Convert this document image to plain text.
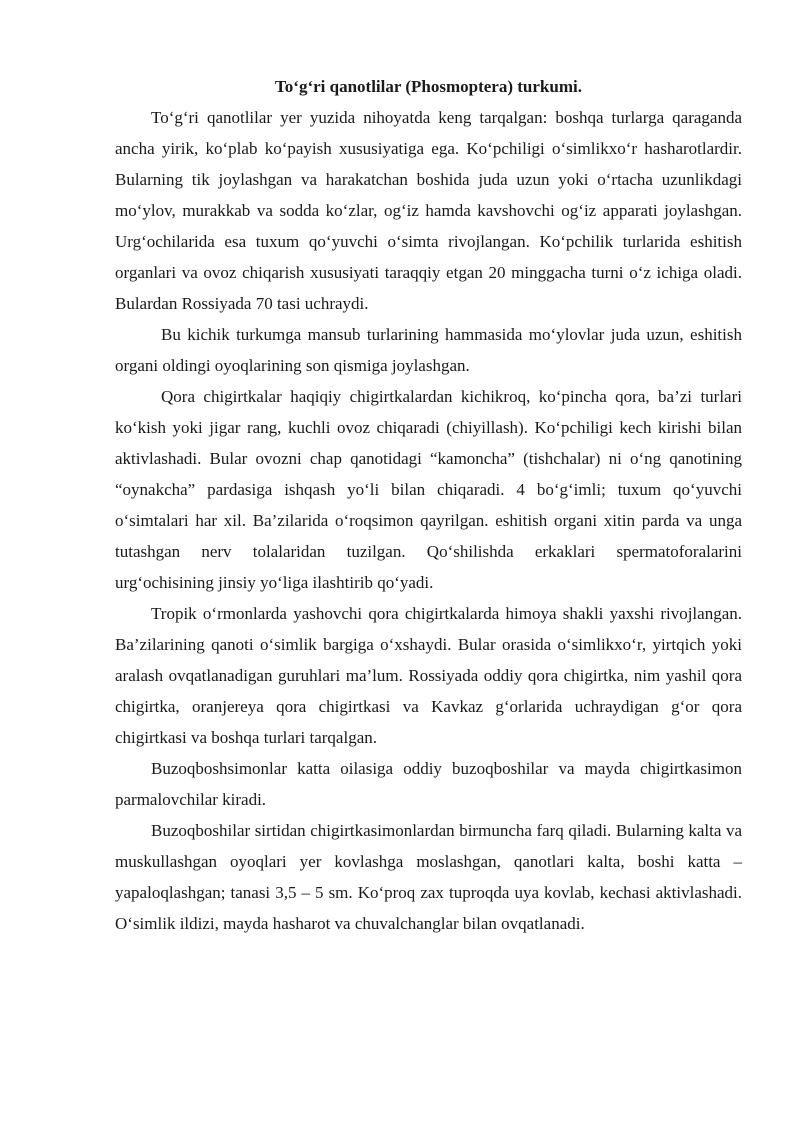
To‘g‘ri qanotlilar (Phosmoptera) turkumi.

To‘g‘ri qanotlilar yer yuzida nihoyatda keng tarqalgan: boshqa turlarga qaraganda ancha yirik, ko‘plab ko‘payish xususiyatiga ega. Ko‘pchiligi o‘simlikxo‘r hasharotlardir. Bularning tik joylashgan va harakatchan boshida juda uzun yoki o‘rtacha uzunlikdagi mo‘ylov, murakkab va sodda ko‘zlar, og‘iz hamda kavshovchi og‘iz apparati joylashgan. Urg‘ochilarida esa tuxum qo‘yuvchi o‘simta rivojlangan. Ko‘pchilik turlarida eshitish organlari va ovoz chiqarish xususiyati taraqqiy etgan 20 minggacha turni o‘z ichiga oladi. Bulardan Rossiyada 70 tasi uchraydi.

Bu kichik turkumga mansub turlarining hammasida mo‘ylovlar juda uzun, eshitish organi oldingi oyoqlarining son qismiga joylashgan.

Qora chigirtkalar haqiqiy chigirtkalardan kichikroq, ko‘pincha qora, ba’zi turlari ko‘kish yoki jigar rang, kuchli ovoz chiqaradi (chiyillash). Ko‘pchiligi kech kirishi bilan aktivlashadi. Bular ovozni chap qanotidagi “kamoncha” (tishchalar) ni o‘ng qanotining “oynakcha” pardasiga ishqash yo‘li bilan chiqaradi. 4 bo‘g‘imli; tuxum qo‘yuvchi o‘simtalari har xil. Ba’zilarida o‘roqsimon qayrilgan. eshitish organi xitin parda va unga tutashgan nerv tolalaridan tuzilgan. Qo‘shilishda erkaklari spermatoforalarini urg‘ochisining jinsiy yo‘liga ilashtirib qo‘yadi.

Tropik o‘rmonlarda yashovchi qora chigirtkalarda himoya shakli yaxshi rivojlangan. Ba’zilarining qanoti o‘simlik bargiga o‘xshaydi. Bular orasida o‘simlikxo‘r, yirtqich yoki aralash ovqatlanadigan guruhlari ma’lum. Rossiyada oddiy qora chigirtka, nim yashil qora chigirtka, oranjereya qora chigirtkasi va Kavkaz g‘orlarida uchraydigan g‘or qora chigirtkasi va boshqa turlari tarqalgan.

Buzoqboshsimonlar katta oilasiga oddiy buzoqboshilar va mayda chigirtkasimon parmalovchilar kiradi.

Buzoqboshilar sirtidan chigirtkasimonlardan birmuncha farq qiladi. Bularning kalta va muskullashgan oyoqlari yer kovlashga moslashgan, qanotlari kalta, boshi katta – yapaloqlashgan; tanasi 3,5 – 5 sm. Ko‘proq zax tuproqda uya kovlab, kechasi aktivlashadi. O‘simlik ildizi, mayda hasharot va chuvalchanglar bilan ovqatlanadi.
